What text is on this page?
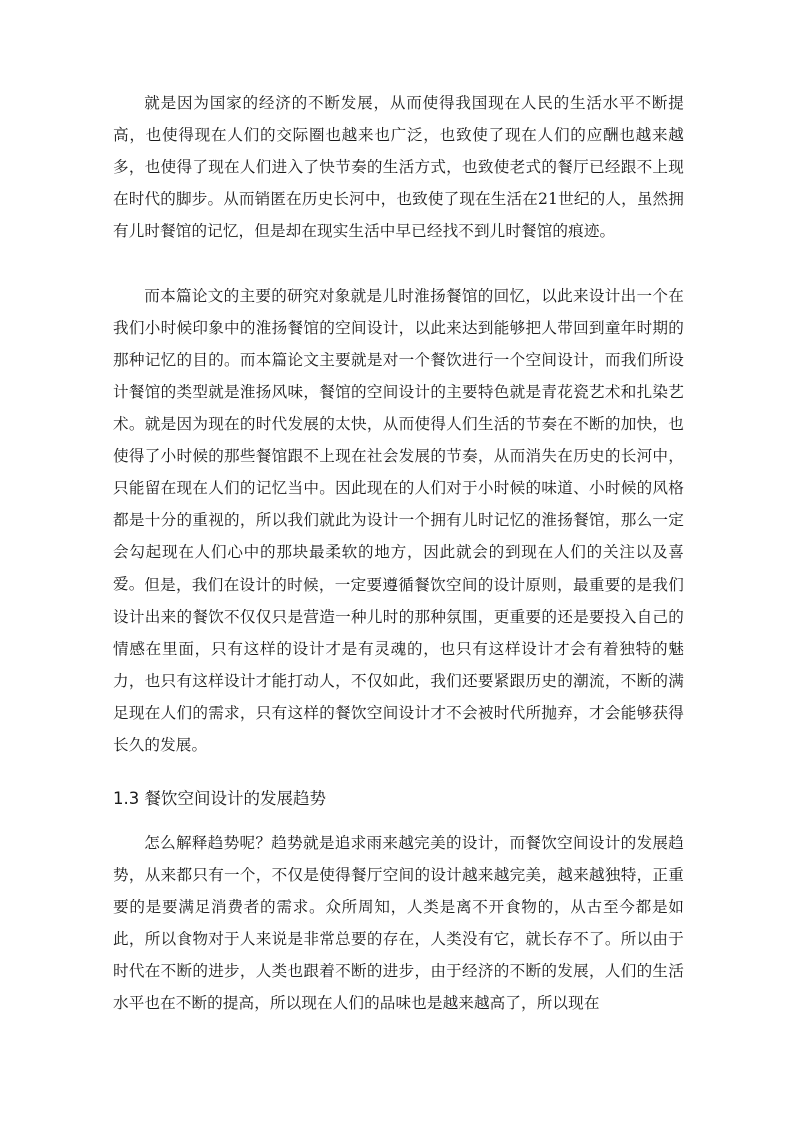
就是因为国家的经济的不断发展，从而使得我国现在人民的生活水平不断提高，也使得现在人们的交际圈也越来也广泛，也致使了现在人们的应酬也越来越多，也使得了现在人们进入了快节奏的生活方式，也致使老式的餐厅已经跟不上现在时代的脚步。从而销匿在历史长河中，也致使了现在生活在21世纪的人，虽然拥有儿时餐馆的记忆，但是却在现实生活中早已经找不到儿时餐馆的痕迹。

而本篇论文的主要的研究对象就是儿时淮扬餐馆的回忆，以此来设计出一个在我们小时候印象中的淮扬餐馆的空间设计，以此来达到能够把人带回到童年时期的那种记忆的目的。而本篇论文主要就是对一个餐饮进行一个空间设计，而我们所设计餐馆的类型就是淮扬风味，餐馆的空间设计的主要特色就是青花瓷艺术和扎染艺术。就是因为现在的时代发展的太快，从而使得人们生活的节奏在不断的加快，也使得了小时候的那些餐馆跟不上现在社会发展的节奏，从而消失在历史的长河中，只能留在现在人们的记忆当中。因此现在的人们对于小时候的味道、小时候的风格都是十分的重视的，所以我们就此为设计一个拥有儿时记忆的淮扬餐馆，那么一定会勾起现在人们心中的那块最柔软的地方，因此就会的到现在人们的关注以及喜爱。 但是，我们在设计的时候，一定要遵循餐饮空间的设计原则，最重要的是我们设计出来的餐饮不仅仅只是营造一种儿时的那种氛围，更重要的还是要投入自己的情感在里面，只有这样的设计才是有灵魂的，也只有这样设计才会有着独特的魅力，也只有这样设计才能打动人，不仅如此，我们还要紧跟历史的潮流，不断的满足现在人们的需求，只有这样的餐饮空间设计才不会被时代所抛弃，才会能够获得长久的发展。

1.3 餐饮空间设计的发展趋势

怎么解释趋势呢？趋势就是追求雨来越完美的设计，而餐饮空间设计的发展趋势，从来都只有一个，不仅是使得餐厅空间的设计越来越完美，越来越独特，正重要的是要满足消费者的需求。众所周知，人类是离不开食物的，从古至今都是如此，所以食物对于人来说是非常总要的存在，人类没有它，就长存不了。所以由于时代在不断的进步，人类也跟着不断的进步，由于经济的不断的发展，人们的生活水平也在不断的提高，所以现在人们的品味也是越来越高了，所以现在
